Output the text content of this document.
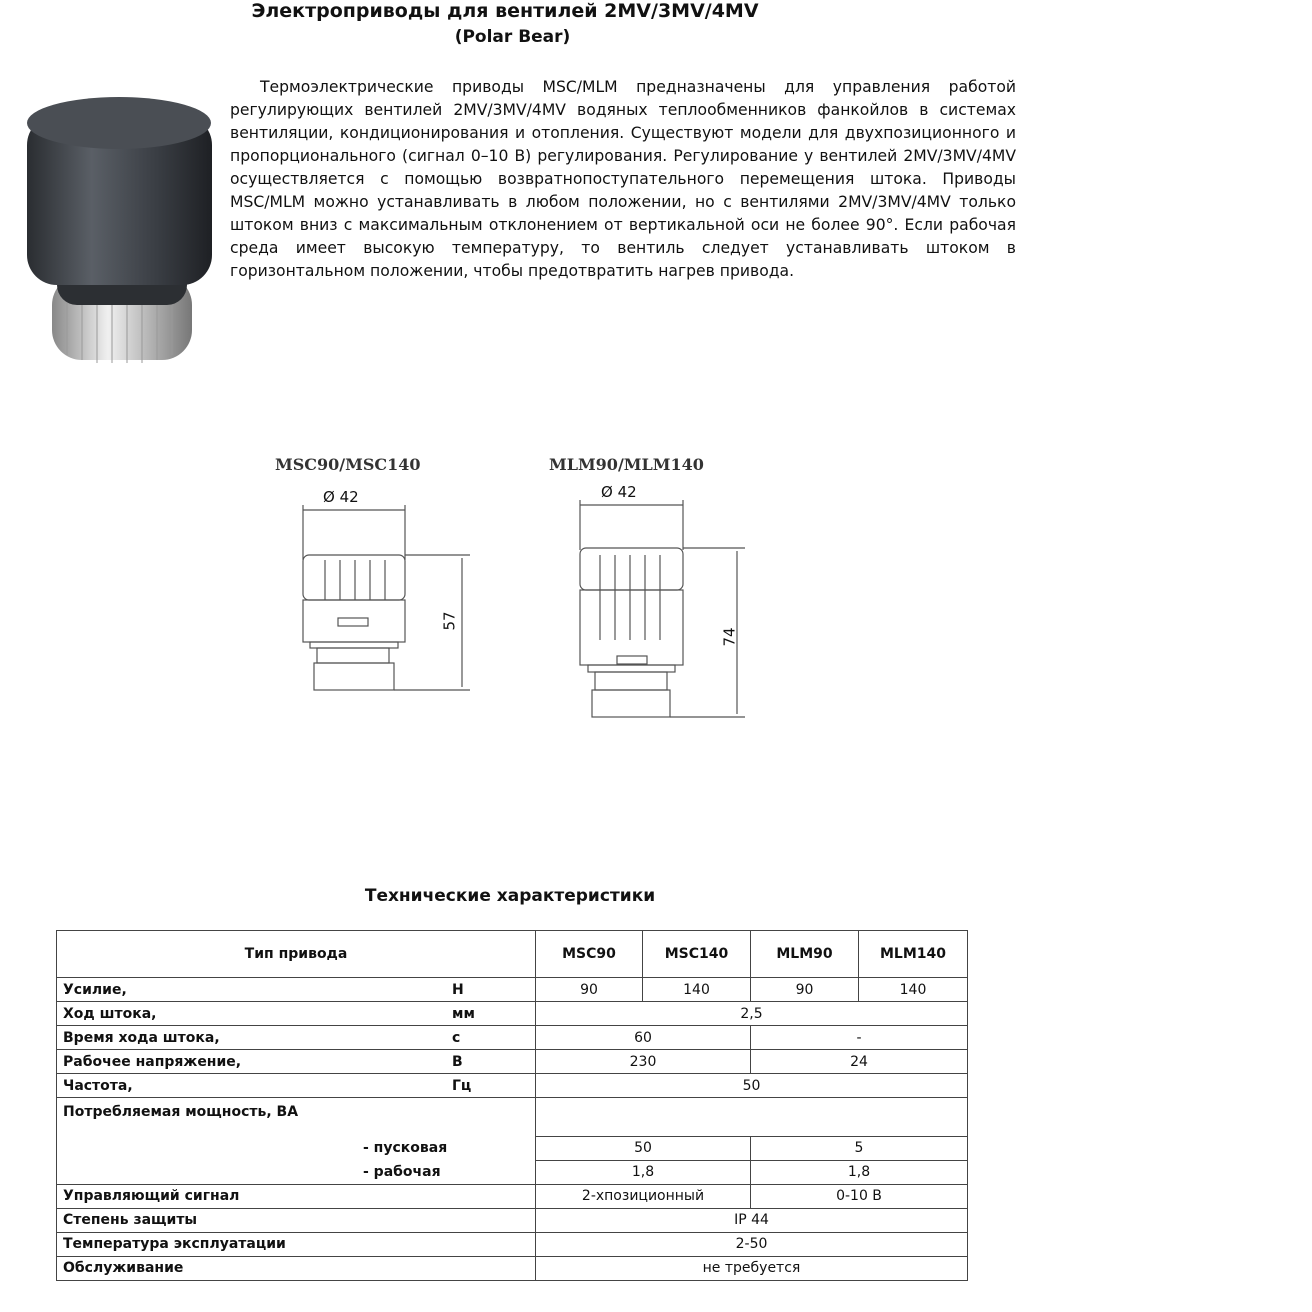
Электроприводы для вентилей 2MV/3MV/4MV
(Polar Bear)
Термоэлектрические приводы MSC/MLM предназначены для управления работой регулирующих вентилей 2MV/3MV/4MV водяных теплообменников фанкойлов в системах вентиляции, кондиционирования и отопления. Существуют модели для двухпозиционного и пропорционального (сигнал 0–10 В) регулирования. Регулирование у вентилей 2MV/3MV/4MV осуществляется с помощью возвратнопоступательного перемещения штока. Приводы MSC/MLM можно устанавливать в любом положении, но с вентилями 2MV/3MV/4MV только штоком вниз с максимальным отклонением от вертикальной оси не более 90°. Если рабочая среда имеет высокую температуру, то вентиль следует устанавливать штоком в горизонтальном положении, чтобы предотвратить нагрев привода.
MSC90/MSC140	MLM90/MLM140
Ø 42
57
Ø 42
74
Технические характеристики
Тип привода	MSC90	MSC140	MLM90	MLM140
Усилие, Н	90	140	90	140
Ход штока, мм	2,5			
Время хода штока, с	60		-	
Рабочее напряжение, В	230		24	
Частота, Гц	50			

Потребляемая мощность, ВА				

- пусковая	50		5	
- рабочая	1,8		1,8	
Управляющий сигнал	2-хпозиционный		0-10 В	
Степень защиты	IP 44			
Температура эксплуатации	2-50			
Обслуживание	не требуется			
